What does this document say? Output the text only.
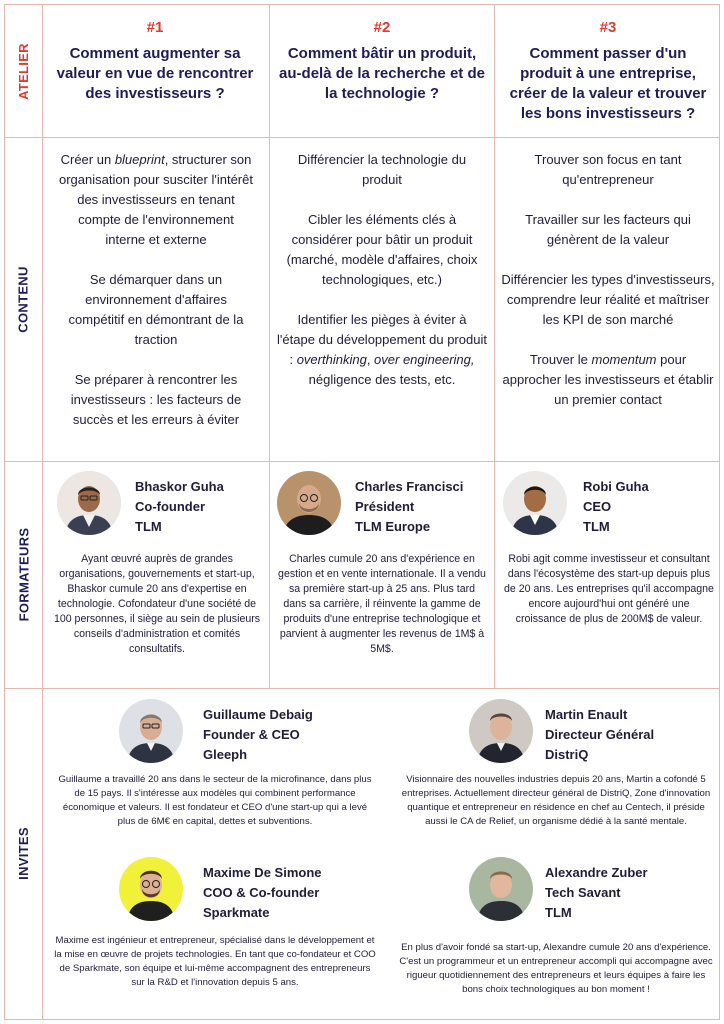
ATELIER
CONTENU
FORMATEURS
INVITES
#1
Comment augmenter sa valeur en vue de rencontrer des investisseurs ?
#2
Comment bâtir un produit, au-delà de la recherche et de la technologie ?
#3
Comment passer d'un produit à une entreprise, créer de la valeur et trouver les bons investisseurs ?

Créer un blueprint, structurer son organisation pour susciter l'intérêt des investisseurs en tenant compte de l'environnement interne et externe

Se démarquer dans un environnement d'affaires compétitif en démontrant de la traction

Se préparer à rencontrer les investisseurs : les facteurs de succès et les erreurs à éviter

Différencier la technologie du produit

Cibler les éléments clés à considérer pour bâtir un produit (marché, modèle d'affaires, choix technologiques, etc.)

Identifier les pièges à éviter à l'étape du développement du produit : overthinking, over engineering, négligence des tests, etc.

Trouver son focus en tant qu'entrepreneur

Travailler sur les facteurs qui génèrent de la valeur

Différencier les types d'investisseurs, comprendre leur réalité et maîtriser les KPI de son marché

Trouver le momentum pour approcher les investisseurs et établir un premier contact

Bhaskor Guha
Co-founder
TLM
Ayant œuvré auprès de grandes organisations, gouvernements et start-up, Bhaskor cumule 20 ans d'expertise en technologie. Cofondateur d'une société de 100 personnes, il siège au sein de plusieurs conseils d'administration et comités consultatifs.
Charles Francisci
Président
TLM Europe
Charles cumule 20 ans d'expérience en gestion et en vente internationale. Il a vendu sa première start-up à 25 ans. Plus tard dans sa carrière, il réinvente la gamme de produits d'une entreprise technologique et parvient à augmenter les revenus de 1M$ à 5M$.
Robi Guha
CEO
TLM
Robi agit comme investisseur et consultant dans l'écosystème des start-up depuis plus de 20 ans. Les entreprises qu'il accompagne encore aujourd'hui ont généré une croissance de plus de 200M$ de valeur.
Guillaume Debaig
Founder & CEO
Gleeph
Guillaume a travaillé 20 ans dans le secteur de la microfinance, dans plus de 15 pays. Il s'intéresse aux modèles qui combinent performance économique et valeurs. Il est fondateur et CEO d'une start-up qui a levé plus de 6M€ en capital, dettes et subventions.
Martin Enault
Directeur Général
DistriQ
Visionnaire des nouvelles industries depuis 20 ans, Martin a cofondé 5 entreprises. Actuellement directeur général de DistriQ, Zone d'innovation quantique et entrepreneur en résidence en chef au Centech, il préside aussi le CA de Relief, un organisme dédié à la santé mentale.
Maxime De Simone
COO & Co-founder
Sparkmate
Maxime est ingénieur et entrepreneur, spécialisé dans le développement et la mise en œuvre de projets technologies. En tant que co-fondateur et COO de Sparkmate, son équipe et lui-même accompagnent des entrepreneurs sur la R&D et l'innovation depuis 5 ans.
Alexandre Zuber
Tech Savant
TLM
En plus d'avoir fondé sa start-up, Alexandre cumule 20 ans d'expérience. C'est un programmeur et un entrepreneur accompli qui accompagne avec rigueur quotidiennement des entrepreneurs et leurs équipes à faire les bons choix technologiques au bon moment !
